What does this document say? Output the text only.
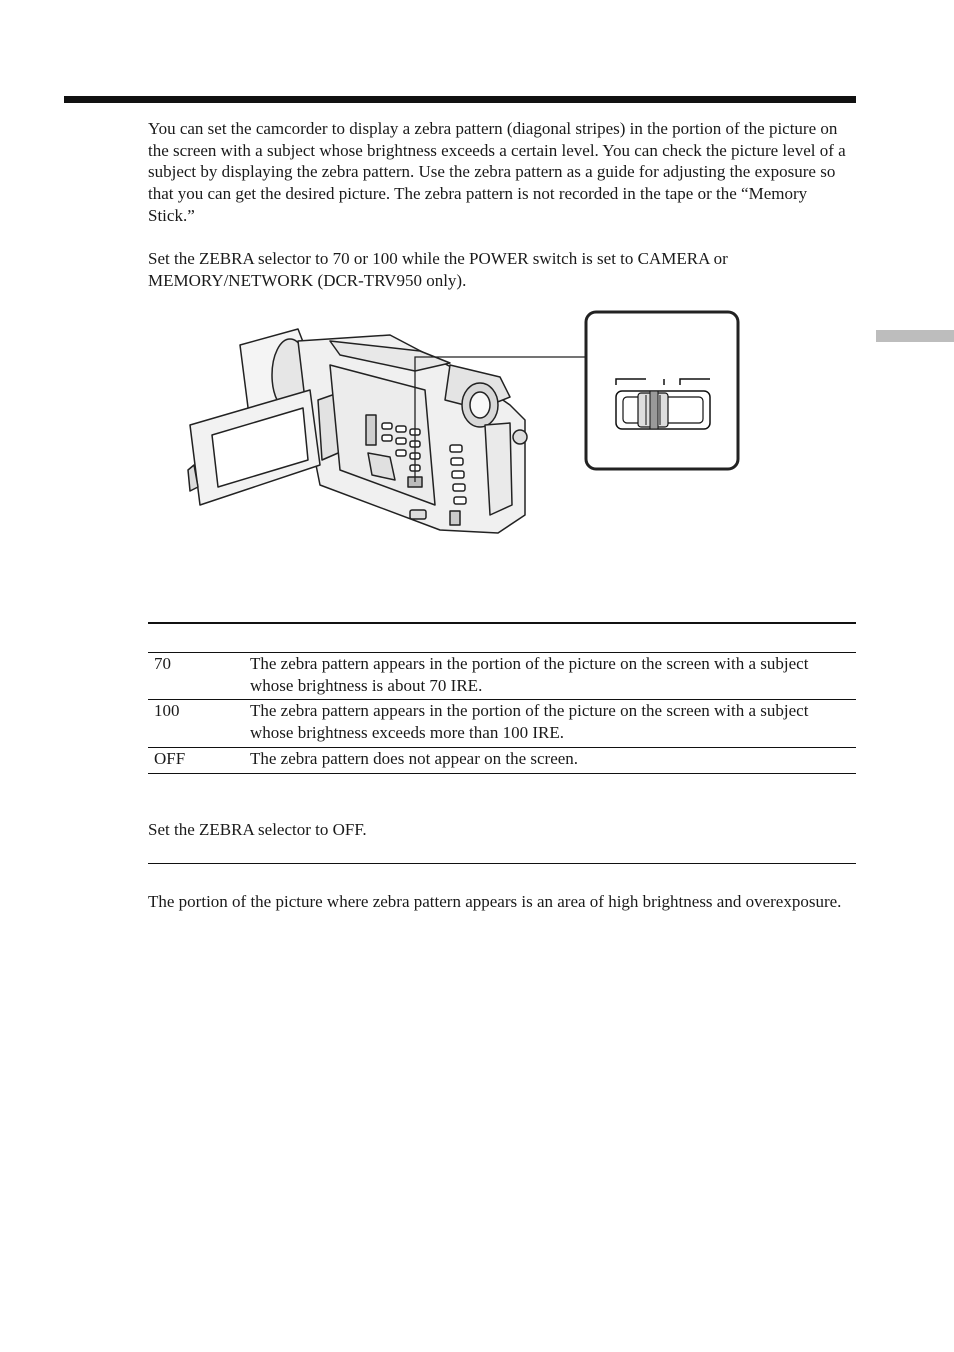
You can set the camcorder to display a zebra pattern (diagonal stripes) in the portion of the picture on the screen with a subject whose brightness exceeds a certain level. You can check the picture level of a subject by displaying the zebra pattern. Use the zebra pattern as a guide for adjusting the exposure so that you can get the desired picture. The zebra pattern is not recorded in the tape or the “Memory Stick.”

Set the ZEBRA selector to 70 or 100 while the POWER switch is set to CAMERA or MEMORY/NETWORK (DCR-TRV950 only).

70	The zebra pattern appears in the portion of the picture on the screen with a subject whose brightness is about 70 IRE.
100	The zebra pattern appears in the portion of the picture on the screen with a subject whose brightness exceeds more than 100 IRE.
OFF	The zebra pattern does not appear on the screen.

Set the ZEBRA selector to OFF.

The portion of the picture where zebra pattern appears is an area of high brightness and overexposure.
